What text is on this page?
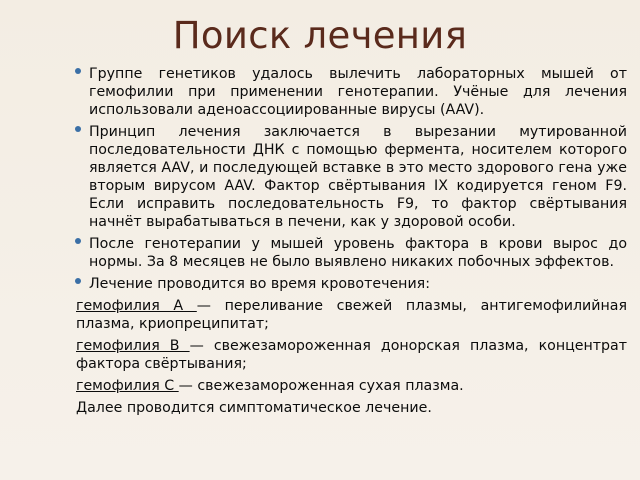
Поиск лечения
Группе генетиков удалось вылечить лабораторных мышей от гемофилии при применении генотерапии. Учёные для лечения использовали аденоассоциированные вирусы (AAV).
Принцип лечения заключается в вырезании мутированной последовательности ДНК с помощью фермента, носителем которого является AAV, и последующей вставке в это место здорового гена уже вторым вирусом AAV. Фактор свёртывания IX кодируется геном F9. Если исправить последовательность F9, то фактор свёртывания начнёт вырабатываться в печени, как у здоровой особи.
После генотерапии у мышей уровень фактора в крови вырос до нормы. За 8 месяцев не было выявлено никаких побочных эффектов.
Лечение проводится во время кровотечения:
гемофилия А — переливание свежей плазмы, антигемофилийная плазма, криопреципитат;
гемофилия В — свежезамороженная донорская плазма, концентрат фактора свёртывания;
гемофилия С — свежезамороженная сухая плазма.
Далее проводится симптоматическое лечение.
